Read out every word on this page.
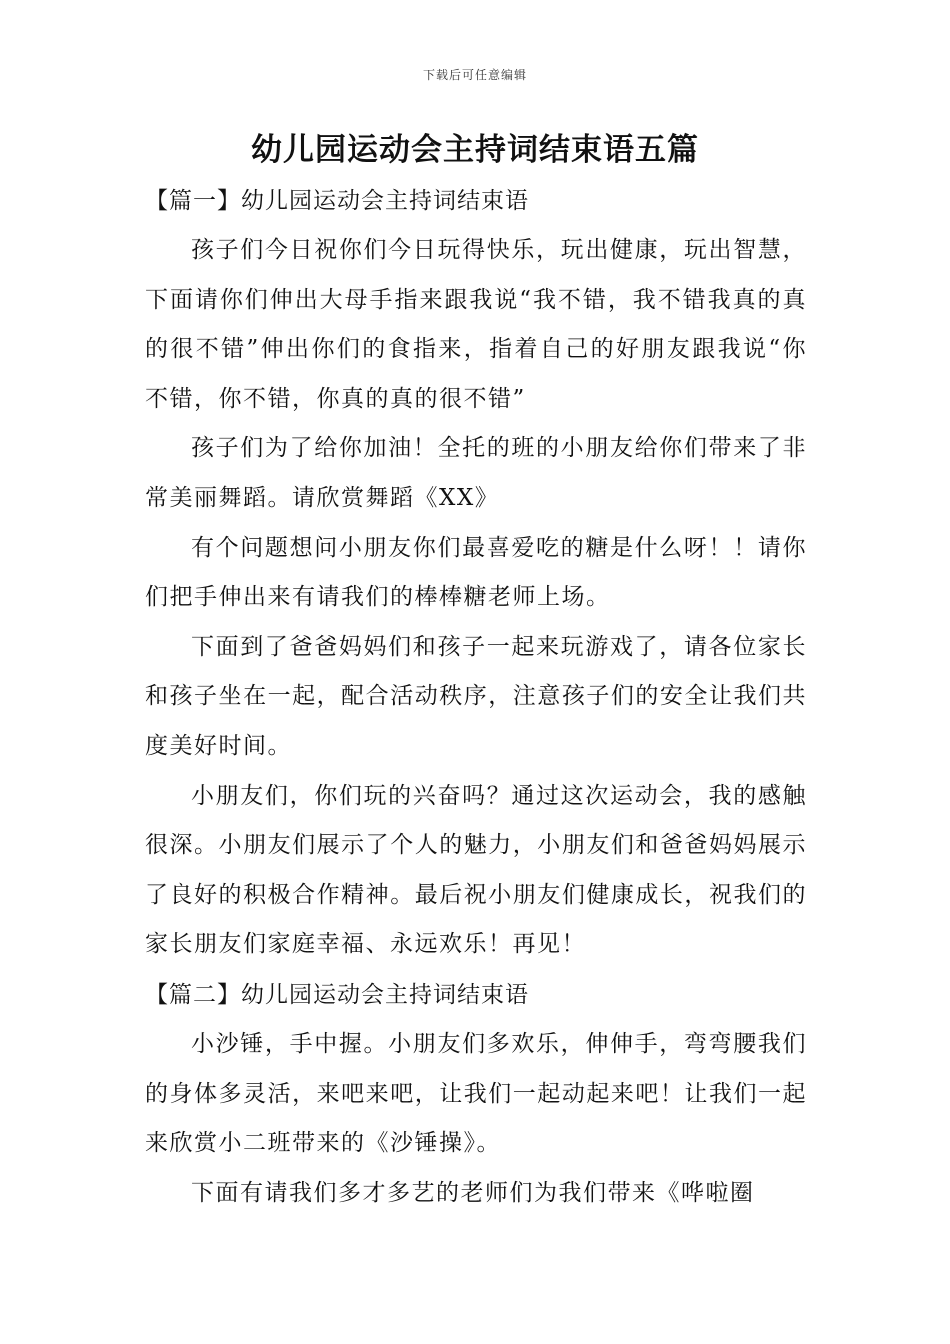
下载后可任意编辑
幼儿园运动会主持词结束语五篇
【篇一】幼儿园运动会主持词结束语

孩子们今日祝你们今日玩得快乐，玩出健康，玩出智慧，下面请你们伸出大母手指来跟我说“我不错，我不错我真的真的很不错”伸出你们的食指来，指着自己的好朋友跟我说“你不错，你不错，你真的真的很不错”

孩子们为了给你加油！全托的班的小朋友给你们带来了非常美丽舞蹈。请欣赏舞蹈《XX》

有个问题想问小朋友你们最喜爱吃的糖是什么呀！！请你们把手伸出来有请我们的棒棒糖老师上场。

下面到了爸爸妈妈们和孩子一起来玩游戏了，请各位家长和孩子坐在一起，配合活动秩序，注意孩子们的安全让我们共度美好时间。

小朋友们，你们玩的兴奋吗？通过这次运动会，我的感触很深。小朋友们展示了个人的魅力，小朋友们和爸爸妈妈展示了良好的积极合作精神。最后祝小朋友们健康成长，祝我们的家长朋友们家庭幸福、永远欢乐！再见！

【篇二】幼儿园运动会主持词结束语

小沙锤，手中握。小朋友们多欢乐，伸伸手，弯弯腰我们的身体多灵活，来吧来吧，让我们一起动起来吧！让我们一起来欣赏小二班带来的《沙锤操》。

下面有请我们多才多艺的老师们为我们带来《哗啦圈
